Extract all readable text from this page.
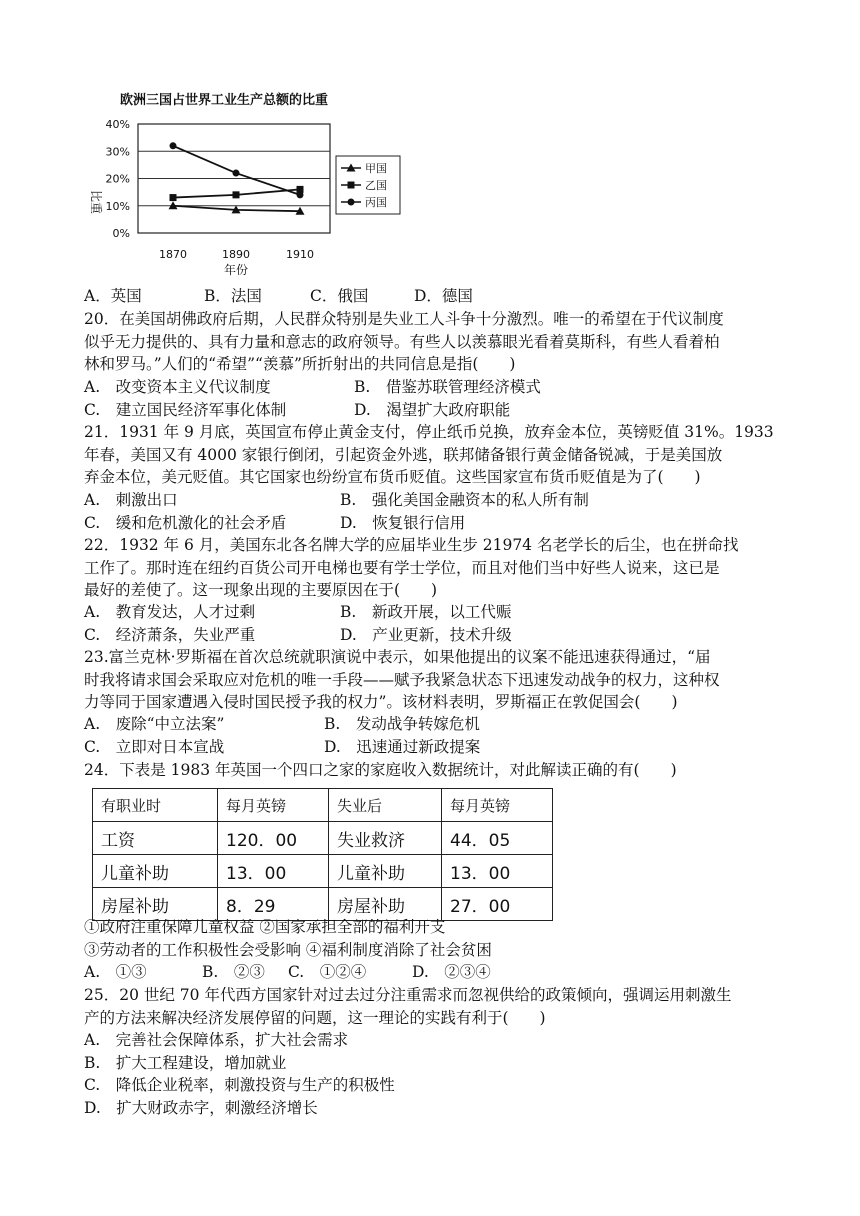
欧洲三国占世界工业生产总额的比重
0%
10%
20%
30%
40%
1870	1890	1910
比重
年份
甲国
乙国
丙国
A．英国	B．法国	C．俄国	D．德国
20．在美国胡佛政府后期，人民群众特别是失业工人斗争十分激烈。唯一的希望在于代议制度
似乎无力提供的、具有力量和意志的政府领导。有些人以羡慕眼光看着莫斯科，有些人看着柏
林和罗马。”人们的“希望”“羡慕”所折射出的共同信息是指(　　)
A.　改变资本主义代议制度	B.　借鉴苏联管理经济模式
C.　建立国民经济军事化体制	D.　渴望扩大政府职能
21．1931 年 9 月底，英国宣布停止黄金支付，停止纸币兑换，放弃金本位，英镑贬值 31%。1933
年春，美国又有 4000 家银行倒闭，引起资金外逃，联邦储备银行黄金储备锐减，于是美国放
弃金本位，美元贬值。其它国家也纷纷宣布货币贬值。这些国家宣布货币贬值是为了(　　)
A.　刺激出口	B.　强化美国金融资本的私人所有制
C.　缓和危机激化的社会矛盾	D.　恢复银行信用
22．1932 年 6 月，美国东北各名牌大学的应届毕业生步 21974 名老学长的后尘，也在拼命找
工作了。那时连在纽约百货公司开电梯也要有学士学位，而且对他们当中好些人说来，这已是
最好的差使了。这一现象出现的主要原因在于(　　)
A.　教育发达，人才过剩	B.　新政开展，以工代赈
C.　经济萧条，失业严重	D.　产业更新，技术升级
23.富兰克林·罗斯福在首次总统就职演说中表示，如果他提出的议案不能迅速获得通过，“届
时我将请求国会采取应对危机的唯一手段——赋予我紧急状态下迅速发动战争的权力，这种权
力等同于国家遭遇入侵时国民授予我的权力”。该材料表明，罗斯福正在敦促国会(　　)
A.　废除“中立法案”	B.　发动战争转嫁危机
C.　立即对日本宣战	D.　迅速通过新政提案
24．下表是 1983 年英国一个四口之家的家庭收入数据统计，对此解读正确的有(　　)
有职业时	每月英镑	失业后	每月英镑
工资	120．00	失业救济	44．05
儿童补助	13．00	儿童补助	13．00
房屋补助	8．29	房屋补助	27．00
①政府注重保障儿童权益 ②国家承担全部的福利开支
③劳动者的工作积极性会受影响 ④福利制度消除了社会贫困
A.　①③	B.　②③ C.　①②④	D.　②③④
25．20 世纪 70 年代西方国家针对过去过分注重需求而忽视供给的政策倾向，强调运用刺激生
产的方法来解决经济发展停留的问题，这一理论的实践有利于(　　)
A.　完善社会保障体系，扩大社会需求
B.　扩大工程建设，增加就业
C.　降低企业税率，刺激投资与生产的积极性
D.　扩大财政赤字，刺激经济增长
